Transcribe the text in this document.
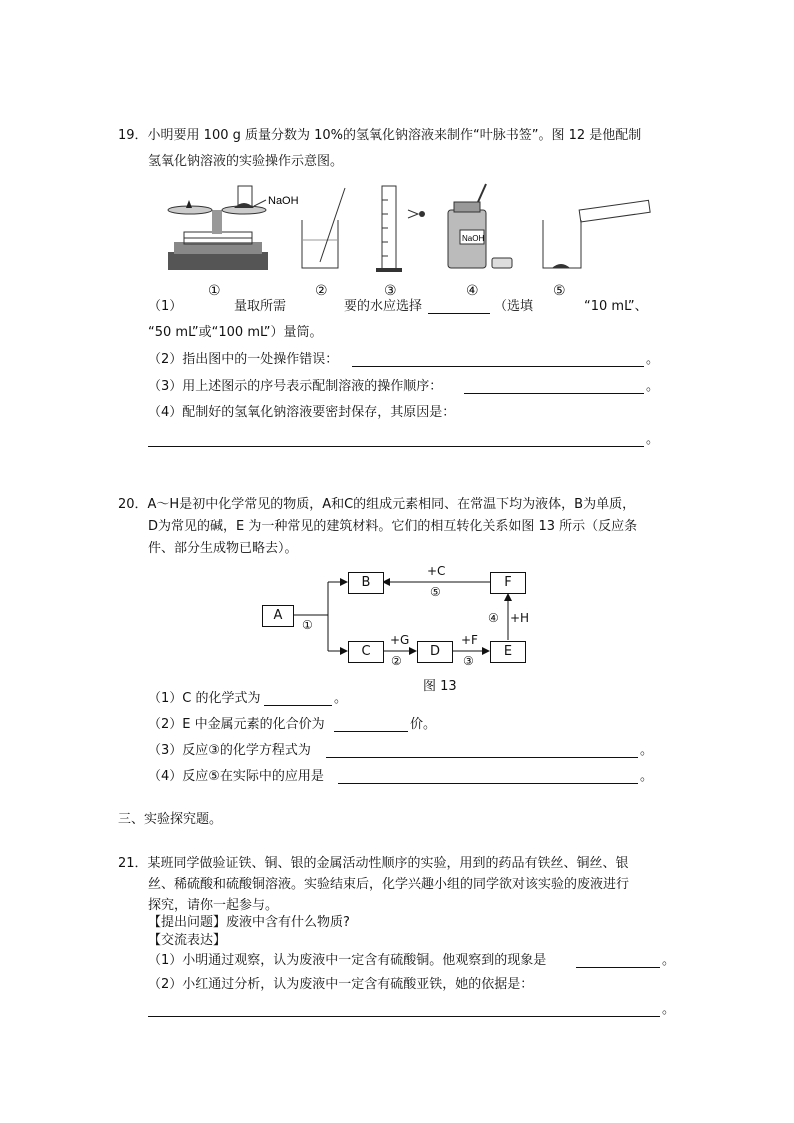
19．小明要用 100 g 质量分数为 10%的氢氧化钠溶液来制作“叶脉书签”。图 12 是他配制
氢氧化钠溶液的实验操作示意图。
NaOH
NaOH
①	②	③	④	⑤
（1）	量取所需	要的水应选择	（选填	“10 mL”、
“50 mL”或“100 mL”）量筒。
（2）指出图中的一处操作错误：	。
（3）用上述图示的序号表示配制溶液的操作顺序：	。
（4）配制好的氢氧化钠溶液要密封保存，其原因是：
。
20．A～H是初中化学常见的物质，A和C的组成元素相同、在常温下均为液体，B为单质，
D为常见的碱，E 为一种常见的建筑材料。它们的相互转化关系如图 13 所示（反应条
件、部分生成物已略去）。
A
B
C	D	E
F
+C
⑤
①
+G
②
+F
③
④ +H
图 13
（1）C 的化学式为	。
（2）E 中金属元素的化合价为	价。
（3）反应③的化学方程式为	。
（4）反应⑤在实际中的应用是	。
三、实验探究题。
21．某班同学做验证铁、铜、银的金属活动性顺序的实验，用到的药品有铁丝、铜丝、银
丝、稀硫酸和硫酸铜溶液。实验结束后，化学兴趣小组的同学欲对该实验的废液进行
探究，请你一起参与。
【提出问题】废液中含有什么物质?
【交流表达】
（1）小明通过观察，认为废液中一定含有硫酸铜。他观察到的现象是	。
（2）小红通过分析，认为废液中一定含有硫酸亚铁，她的依据是：
。
